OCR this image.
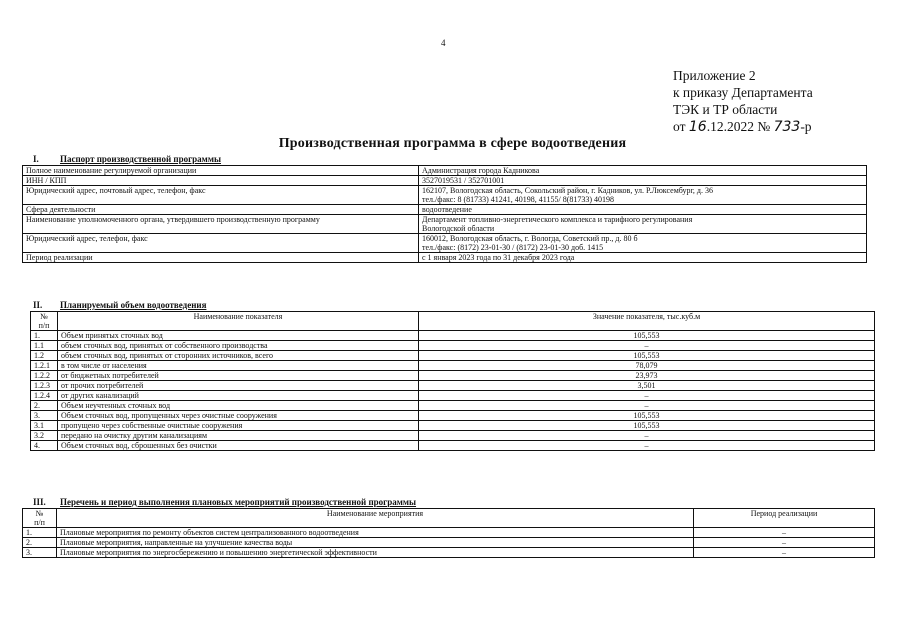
4
Приложение 2
к приказу Департамента
ТЭК и ТР области
от 16.12.2022 № 733-р
Производственная программа в сфере водоотведения
I. Паспорт производственной программы
Полное наименование регулируемой организации	Администрация города Кадникова

ИНН / КПП	3527019531 / 352701001

Юридический адрес, почтовый адрес, телефон, факс	162107, Вологодская область, Сокольский район, г. Кадников, ул. Р.Люксембург, д. 36
тел./факс: 8 (81733) 41241, 40198, 41155/ 8(81733) 40198

Сфера деятельности	водоотведение

Наименование уполномоченного органа, утвердившего производственную программу	Департамент топливно-энергетического комплекса и тарифного регулирования
Вологодской области

Юридический адрес, телефон, факс	160012, Вологодская область, г. Вологда, Советский пр., д. 80 б
тел./факс: (8172) 23-01-30 / (8172) 23-01-30 доб. 1415

Период реализации	с 1 января 2023 года по 31 декабря 2023 года
II. Планируемый объем водоотведения
№
п/п	Наименование показателя	Значение показателя, тыс.куб.м
1.	Объем принятых сточных вод	105,553
1.1	объем сточных вод, принятых от собственного производства	–
1.2	объем сточных вод, принятых от сторонних источников, всего	105,553
1.2.1	в том числе от населения	78,079
1.2.2	от бюджетных потребителей	23,973
1.2.3	от прочих потребителей	3,501
1.2.4	от других канализаций	–
2.	Объем неучтенных сточных вод	–
3.	Объем сточных вод, пропущенных через очистные сооружения	105,553
3.1	пропущено через собственные очистные сооружения	105,553
3.2	передано на очистку другим канализациям	–
4.	Объем сточных вод, сброшенных без очистки	–
III. Перечень и период выполнения плановых мероприятий производственной программы
№
п/п	Наименование мероприятия	Период реализации
1.	Плановые мероприятия по ремонту объектов систем централизованного водоотведения	–
2.	Плановые мероприятия, направленные на улучшение качества воды	–
3.	Плановые мероприятия по энергосбережению и повышению энергетической эффективности	–
